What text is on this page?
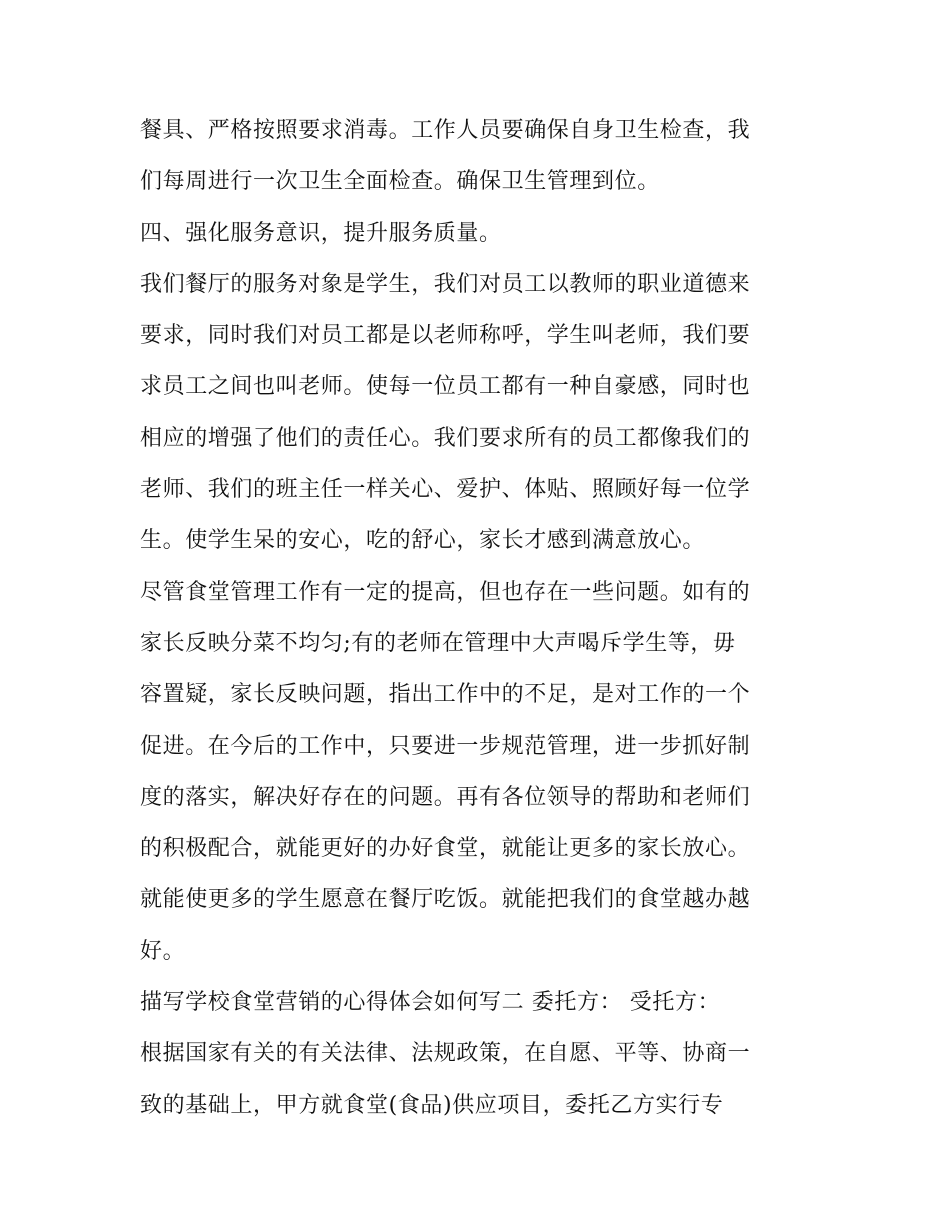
餐具、严格按照要求消毒。工作人员要确保自身卫生检查，我
们每周进行一次卫生全面检查。确保卫生管理到位。
四、强化服务意识，提升服务质量。
我们餐厅的服务对象是学生，我们对员工以教师的职业道德来
要求，同时我们对员工都是以老师称呼，学生叫老师，我们要
求员工之间也叫老师。使每一位员工都有一种自豪感，同时也
相应的增强了他们的责任心。我们要求所有的员工都像我们的
老师、我们的班主任一样关心、爱护、体贴、照顾好每一位学
生。使学生呆的安心，吃的舒心，家长才感到满意放心。
尽管食堂管理工作有一定的提高，但也存在一些问题。如有的
家长反映分菜不均匀;有的老师在管理中大声喝斥学生等，毋
容置疑，家长反映问题，指出工作中的不足，是对工作的一个
促进。在今后的工作中，只要进一步规范管理，进一步抓好制
度的落实，解决好存在的问题。再有各位领导的帮助和老师们
的积极配合，就能更好的办好食堂，就能让更多的家长放心。
就能使更多的学生愿意在餐厅吃饭。就能把我们的食堂越办越
好。
描写学校食堂营销的心得体会如何写二 委托方： 受托方：
根据国家有关的有关法律、法规政策，在自愿、平等、协商一
致的基础上，甲方就食堂(食品)供应项目，委托乙方实行专
